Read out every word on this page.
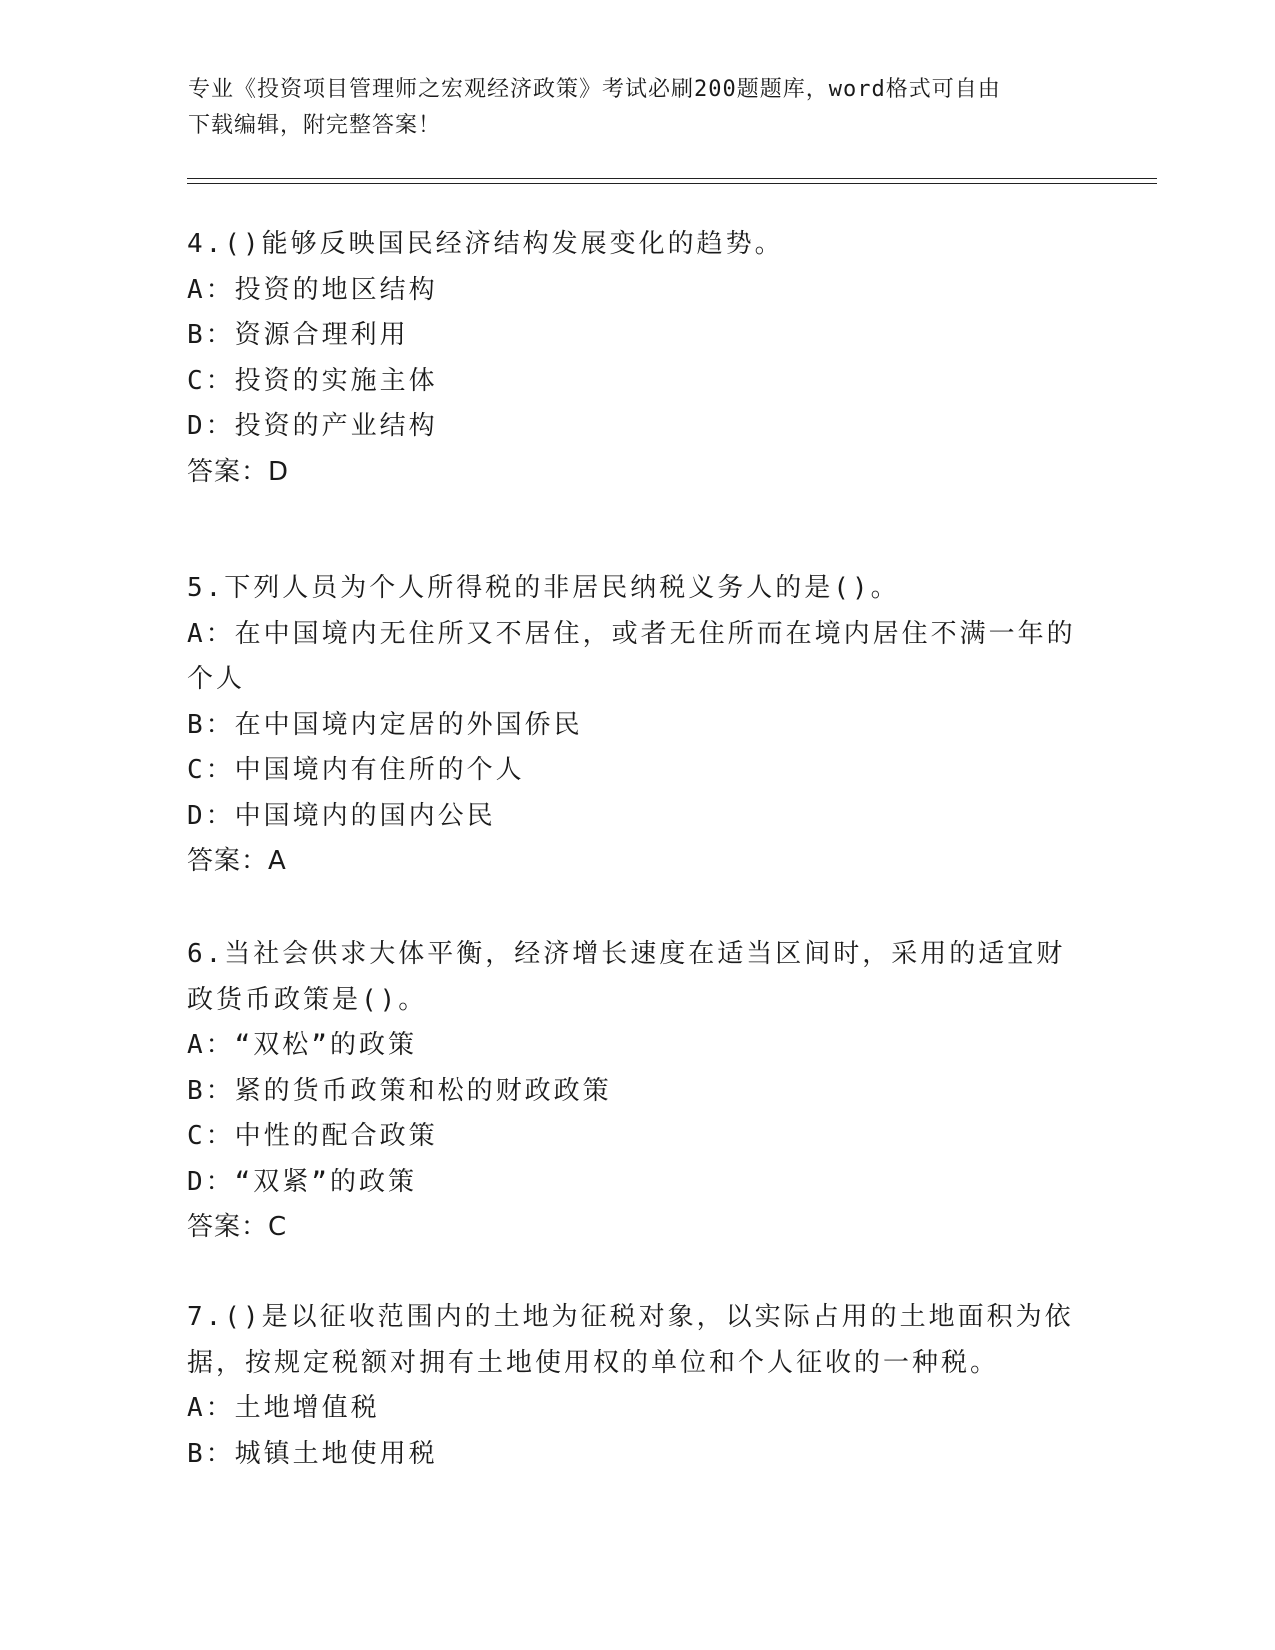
专业《投资项目管理师之宏观经济政策》考试必刷200题题库，word格式可自由
下载编辑，附完整答案！
4.()能够反映国民经济结构发展变化的趋势。
A：投资的地区结构
B：资源合理利用
C：投资的实施主体
D：投资的产业结构
答案：D
5.下列人员为个人所得税的非居民纳税义务人的是()。
A：在中国境内无住所又不居住，或者无住所而在境内居住不满一年的
个人
B：在中国境内定居的外国侨民
C：中国境内有住所的个人
D：中国境内的国内公民
答案：A
6.当社会供求大体平衡，经济增长速度在适当区间时，采用的适宜财
政货币政策是()。
A：“双松”的政策
B：紧的货币政策和松的财政政策
C：中性的配合政策
D：“双紧”的政策
答案：C
7.()是以征收范围内的土地为征税对象，以实际占用的土地面积为依
据，按规定税额对拥有土地使用权的单位和个人征收的一种税。
A：土地增值税
B：城镇土地使用税
